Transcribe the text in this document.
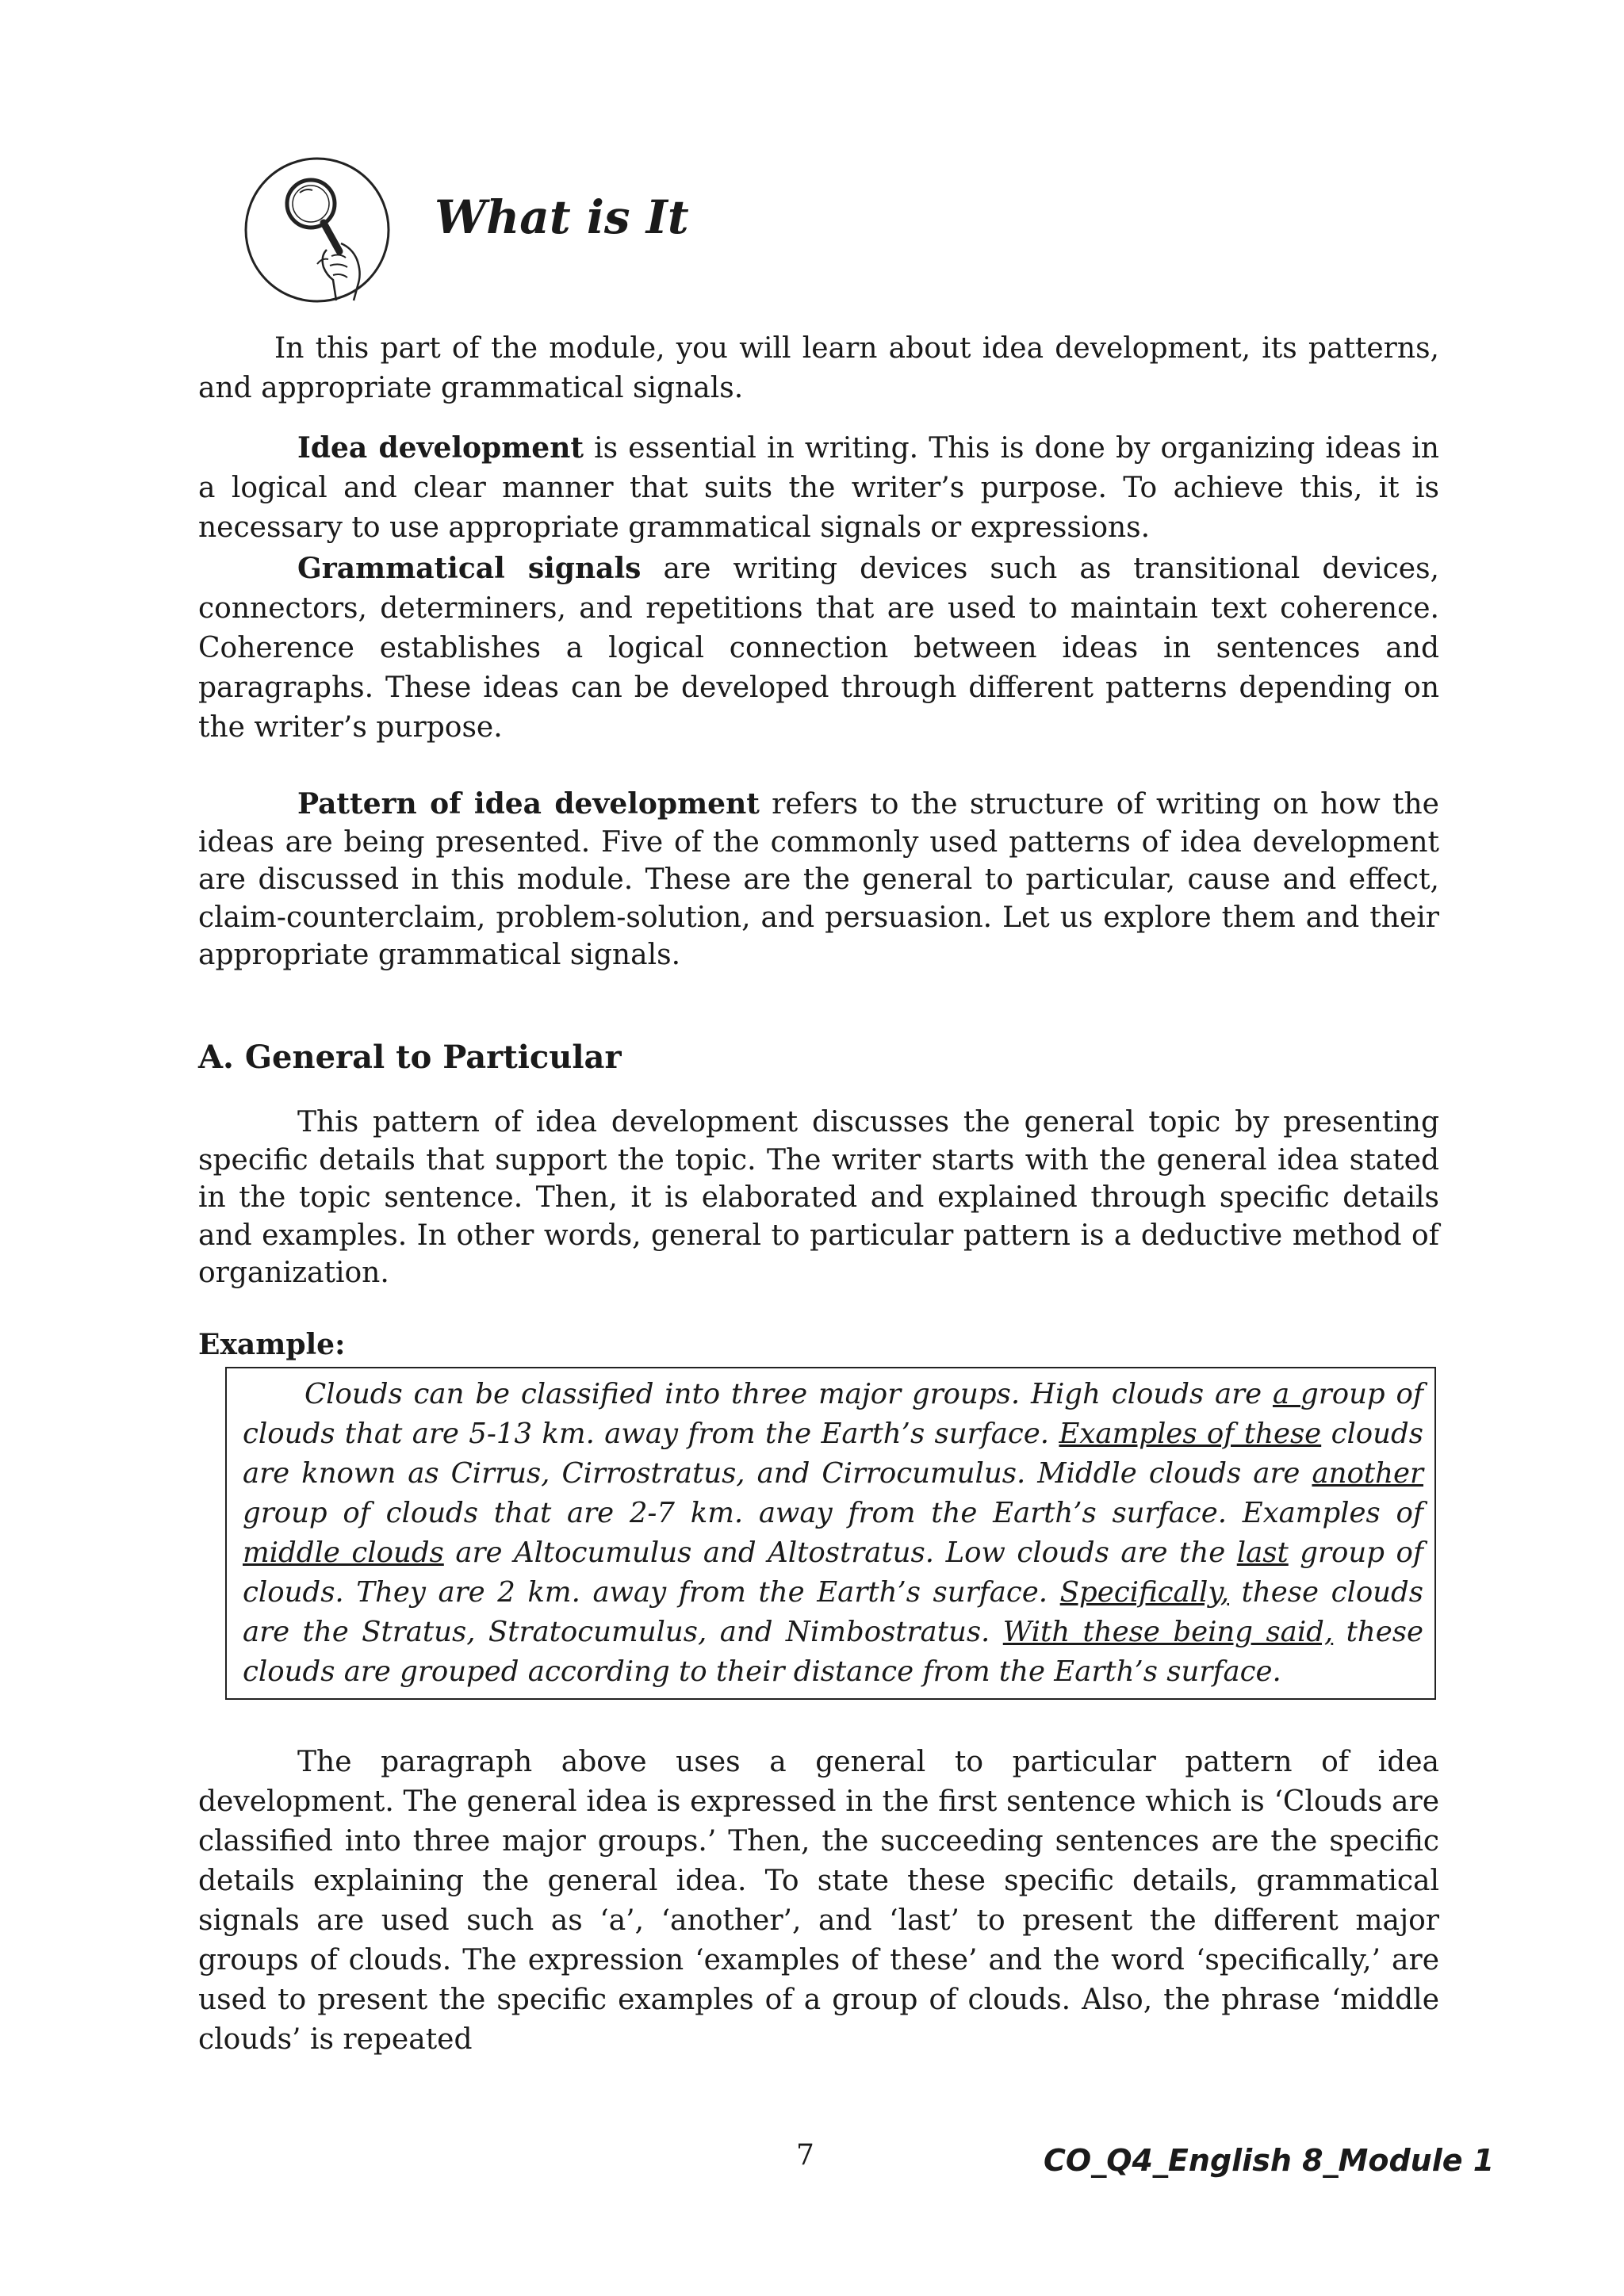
What is It

In this part of the module, you will learn about idea development, its patterns, and appropriate grammatical signals.

Idea development is essential in writing. This is done by organizing ideas in a logical and clear manner that suits the writer’s purpose. To achieve this, it is necessary to use appropriate grammatical signals or expressions.

Grammatical signals are writing devices such as transitional devices, connectors, determiners, and repetitions that are used to maintain text coherence. Coherence establishes a logical connection between ideas in sentences and paragraphs. These ideas can be developed through different patterns depending on the writer’s purpose.

Pattern of idea development refers to the structure of writing on how the ideas are being presented. Five of the commonly used patterns of idea development are discussed in this module. These are the general to particular, cause and effect, claim-counterclaim, problem-solution, and persuasion. Let us explore them and their appropriate grammatical signals.

A. General to Particular

This pattern of idea development discusses the general topic by presenting specific details that support the topic. The writer starts with the general idea stated in the topic sentence. Then, it is elaborated and explained through specific details and examples. In other words, general to particular pattern is a deductive method of organization.

Example:

Clouds can be classified into three major groups. High clouds are a group of clouds that are 5-13 km. away from the Earth’s surface. Examples of these clouds are known as Cirrus, Cirrostratus, and Cirrocumulus. Middle clouds are another group of clouds that are 2-7 km. away from the Earth’s surface. Examples of middle clouds are Altocumulus and Altostratus. Low clouds are the last group of clouds. They are 2 km. away from the Earth’s surface. Specifically, these clouds are the Stratus, Stratocumulus, and Nimbostratus. With these being said, these clouds are grouped according to their distance from the Earth’s surface.

The paragraph above uses a general to particular pattern of idea development. The general idea is expressed in the first sentence which is ‘Clouds are classified into three major groups.’ Then, the succeeding sentences are the specific details explaining the general idea. To state these specific details, grammatical signals are used such as ‘a’, ‘another’, and ‘last’ to present the different major groups of clouds. The expression ‘examples of these’ and the word ‘specifically,’ are used to present the specific examples of a group of clouds. Also, the phrase ‘middle clouds’ is repeated

7	CO_Q4_English 8_Module 1
